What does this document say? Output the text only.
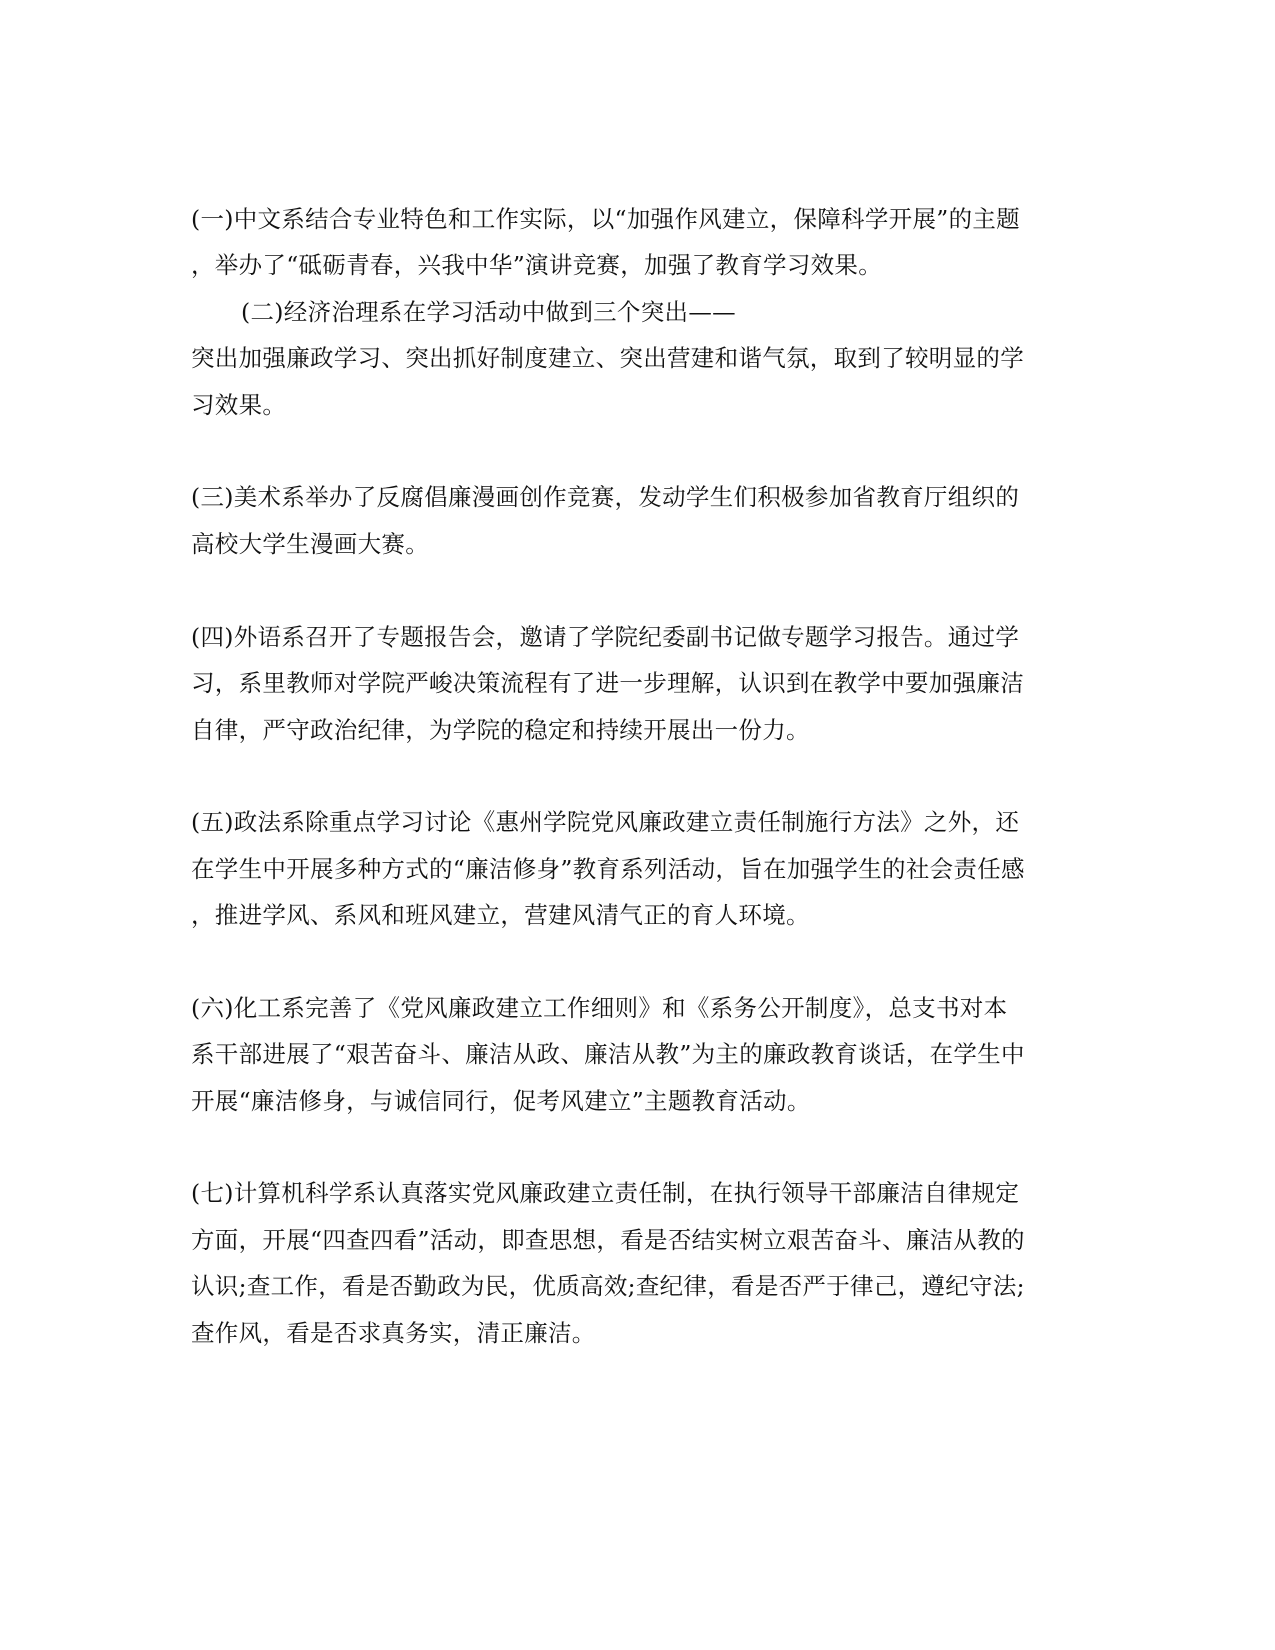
(一)中文系结合专业特色和工作实际，以“加强作风建立，保障科学开展”的主题
，举办了“砥砺青春，兴我中华”演讲竞赛，加强了教育学习效果。
(二)经济治理系在学习活动中做到三个突出——
突出加强廉政学习、突出抓好制度建立、突出营建和谐气氛，取到了较明显的学
习效果。
(三)美术系举办了反腐倡廉漫画创作竞赛，发动学生们积极参加省教育厅组织的
高校大学生漫画大赛。
(四)外语系召开了专题报告会，邀请了学院纪委副书记做专题学习报告。通过学
习，系里教师对学院严峻决策流程有了进一步理解，认识到在教学中要加强廉洁
自律，严守政治纪律，为学院的稳定和持续开展出一份力。
(五)政法系除重点学习讨论《惠州学院党风廉政建立责任制施行方法》之外，还
在学生中开展多种方式的“廉洁修身”教育系列活动，旨在加强学生的社会责任感
，推进学风、系风和班风建立，营建风清气正的育人环境。
(六)化工系完善了《党风廉政建立工作细则》和《系务公开制度》，总支书对本
系干部进展了“艰苦奋斗、廉洁从政、廉洁从教”为主的廉政教育谈话，在学生中
开展“廉洁修身，与诚信同行，促考风建立”主题教育活动。
(七)计算机科学系认真落实党风廉政建立责任制，在执行领导干部廉洁自律规定
方面，开展“四查四看”活动，即查思想，看是否结实树立艰苦奋斗、廉洁从教的
认识;查工作，看是否勤政为民，优质高效;查纪律，看是否严于律己，遵纪守法;
查作风，看是否求真务实，清正廉洁。
